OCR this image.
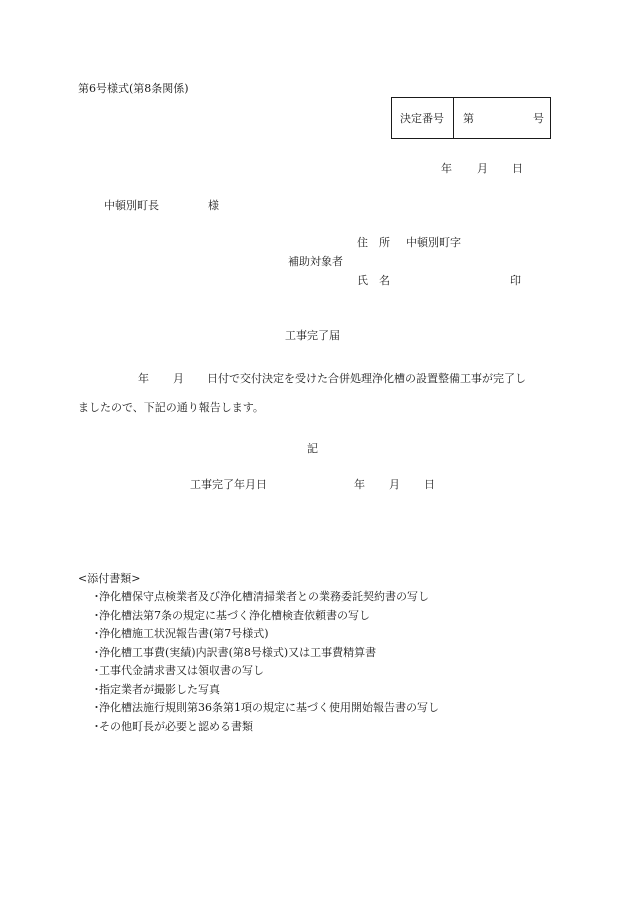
第6号様式(第8条関係)
決定番号 第	号
年 月 日
中頓別町長	様
住　所 中頓別町字
補助対象者
氏　名	印
工事完了届
年 月 日付で交付決定を受けた合併処理浄化槽の設置整備工事が完了し
ましたので、下記の通り報告します。
記
工事完了年月日	年 月 日
<添付書類>
・浄化槽保守点検業者及び浄化槽清掃業者との業務委託契約書の写し
・浄化槽法第7条の規定に基づく浄化槽検査依頼書の写し
・浄化槽施工状況報告書(第7号様式)
・浄化槽工事費(実績)内訳書(第8号様式)又は工事費精算書
・工事代金請求書又は領収書の写し
・指定業者が撮影した写真
・浄化槽法施行規則第36条第1項の規定に基づく使用開始報告書の写し
・その他町長が必要と認める書類
